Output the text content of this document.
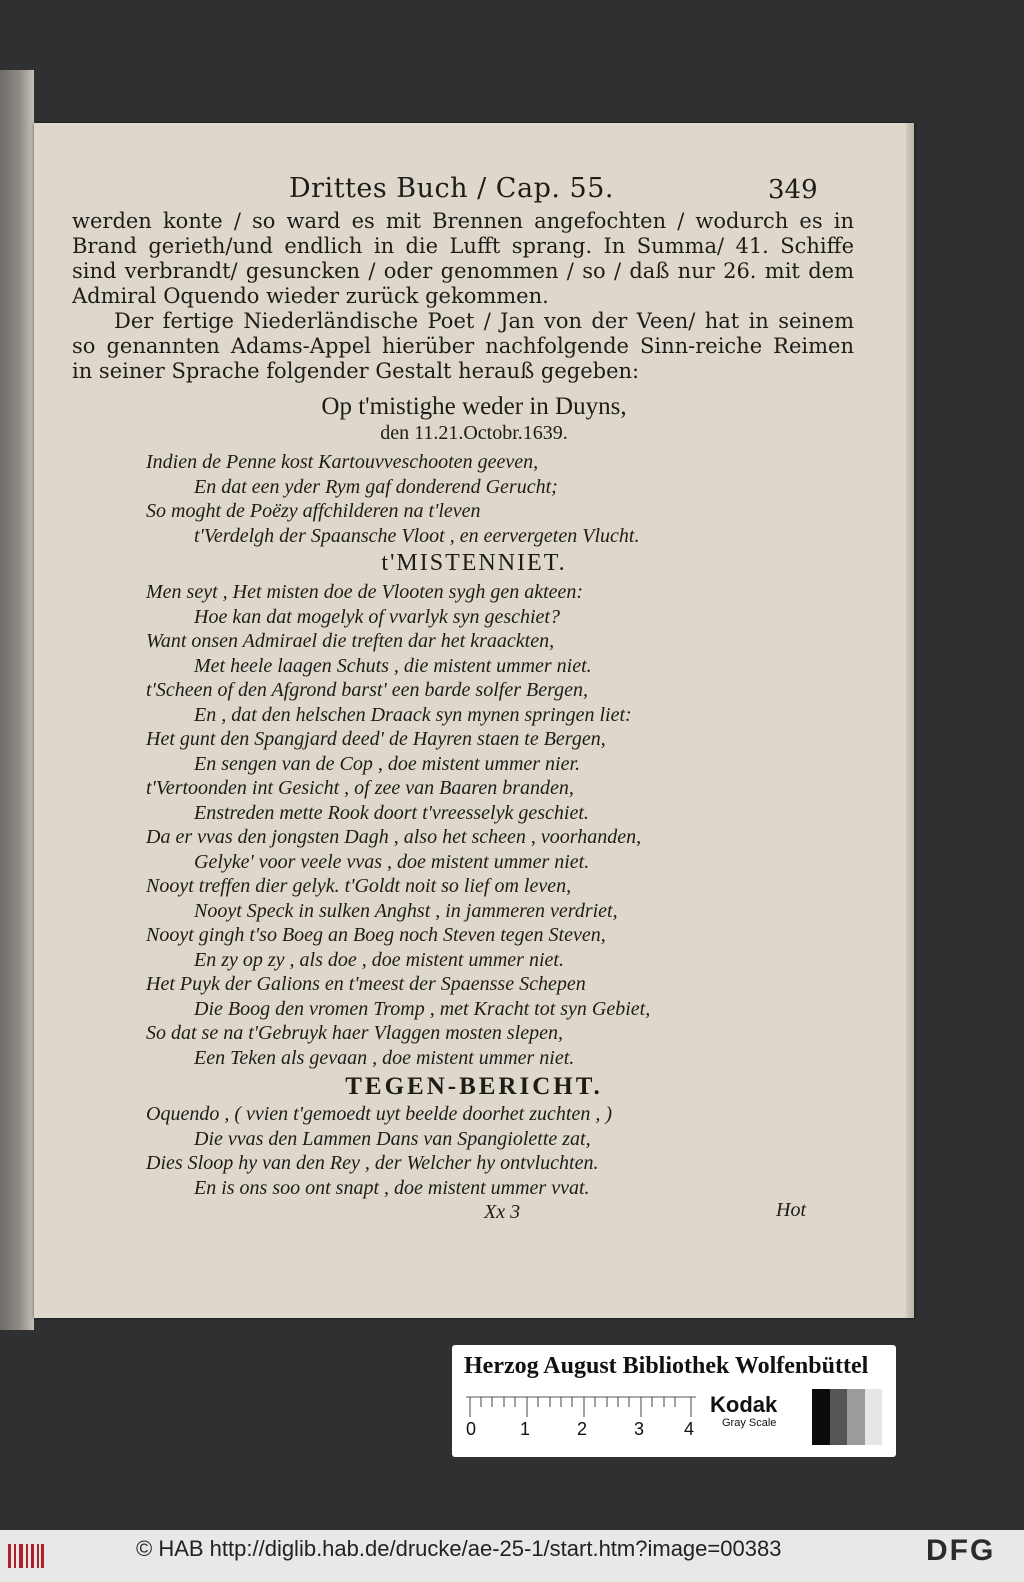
Drittes Buch / Cap. 55.	349

werden konte / so ward es mit Brennen angefochten / wodurch es in Brand gerieth/und endlich in die Lufft sprang. In Summa/ 41. Schiffe sind verbrandt/ gesuncken / oder genommen / so / daß nur 26. mit dem Admiral Oquendo wieder zurück gekommen.

Der fertige Niederländische Poet / Jan von der Veen/ hat in seinem so genannten Adams-Appel hierüber nachfolgende Sinn-reiche Reimen in seiner Sprache folgender Gestalt herauß gegeben:

Op t'mistighe weder in Duyns,
den 11.21.Octobr.1639.
Indien de Penne kost Kartouvveschooten geeven,
En dat een yder Rym gaf donderend Gerucht;
So moght de Poëzy affchilderen na t'leven
t'Verdelgh der Spaansche Vloot , en eervergeten Vlucht.
t'MISTENNIET.
Men seyt , Het misten doe de Vlooten sygh gen akteen:
Hoe kan dat mogelyk of vvarlyk syn geschiet?
Want onsen Admirael die treften dar het kraackten,
Met heele laagen Schuts , die mistent ummer niet.
t'Scheen of den Afgrond barst' een barde solfer Bergen,
En , dat den helschen Draack syn mynen springen liet:
Het gunt den Spangjard deed' de Hayren staen te Bergen,
En sengen van de Cop , doe mistent ummer nier.
t'Vertoonden int Gesicht , of zee van Baaren branden,
Enstreden mette Rook doort t'vreesselyk geschiet.
Da er vvas den jongsten Dagh , also het scheen , voorhanden,
Gelyke' voor veele vvas , doe mistent ummer niet.
Nooyt treffen dier gelyk. t'Goldt noit so lief om leven,
Nooyt Speck in sulken Anghst , in jammeren verdriet,
Nooyt gingh t'so Boeg an Boeg noch Steven tegen Steven,
En zy op zy , als doe , doe mistent ummer niet.
Het Puyk der Galions en t'meest der Spaensse Schepen
Die Boog den vromen Tromp , met Kracht tot syn Gebiet,
So dat se na t'Gebruyk haer Vlaggen mosten slepen,
Een Teken als gevaan , doe mistent ummer niet.
TEGEN-BERICHT.
Oquendo , ( vvien t'gemoedt uyt beelde doorhet zuchten , )
Die vvas den Lammen Dans van Spangiolette zat,
Dies Sloop hy van den Rey , der Welcher hy ontvluchten.
En is ons soo ont snapt , doe mistent ummer vvat.
Xx 3	Hot
Herzog August Bibliothek Wolfenbüttel
0 1	2	3 4
Kodak
Gray Scale
© HAB http://diglib.hab.de/drucke/ae-25-1/start.htm?image=00383	DFG
